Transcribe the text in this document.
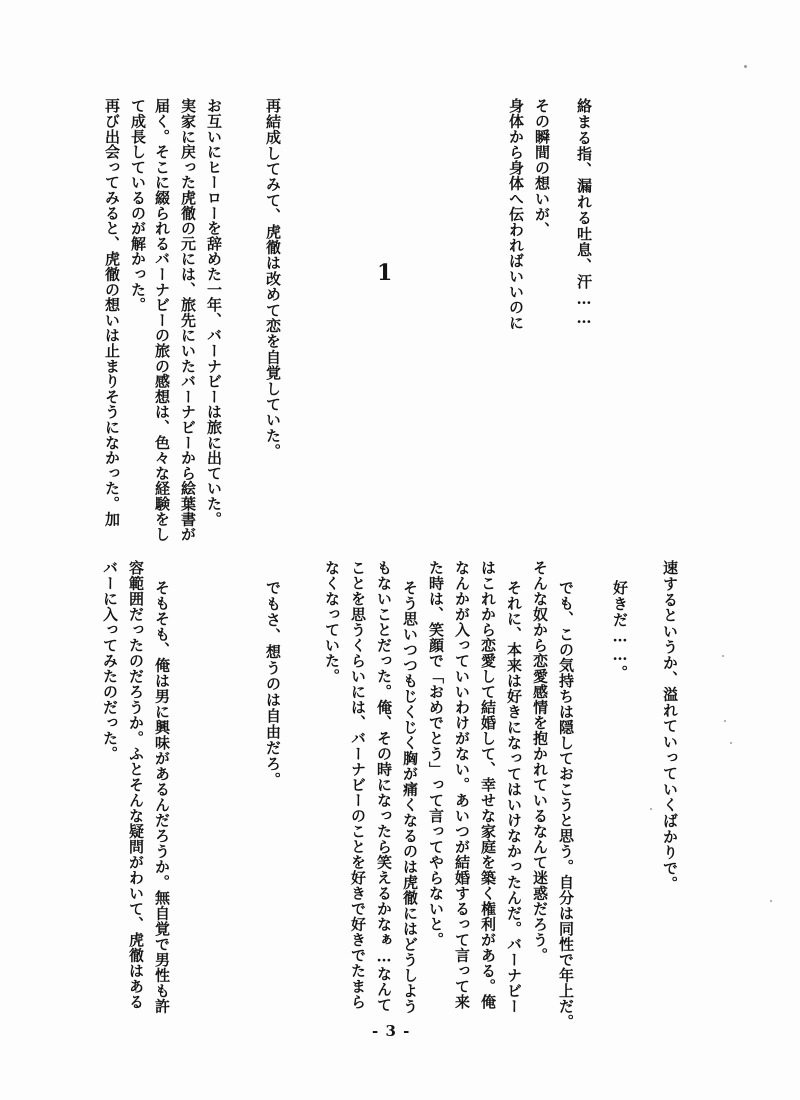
絡まる指、漏れる吐息、汗……
その瞬間の想いが、
身体から身体へ伝わればいいのに
1
再結成してみて、虎徹は改めて恋を自覚していた。
お互いにヒーローを辞めた一年、バーナビーは旅に出ていた。
実家に戻った虎徹の元には、旅先にいたバーナビーから絵葉書が
届く。そこに綴られるバーナビーの旅の感想は、色々な経験をし
て成長しているのが解かった。
再び出会ってみると、虎徹の想いは止まりそうになかった。加
速するというか、溢れていっていくばかりで。
好きだ……。
でも、この気持ちは隠しておこうと思う。自分は同性で年上だ。
そんな奴から恋愛感情を抱かれているなんて迷惑だろう。
それに、本来は好きになってはいけなかったんだ。バーナビー
はこれから恋愛して結婚して、幸せな家庭を築く権利がある。俺
なんかが入っていいわけがない。あいつが結婚するって言って来
た時は、笑顔で「おめでとう」って言ってやらないと。
そう思いつつもじくじく胸が痛くなるのは虎徹にはどうしよう
もないことだった。俺、その時になったら笑えるかなぁ…なんて
ことを思うくらいには、バーナビーのことを好きで好きでたまら
なくなっていた。
でもさ、想うのは自由だろ。
そもそも、俺は男に興味があるんだろうか。無自覚で男性も許
容範囲だったのだろうか。ふとそんな疑問がわいて、虎徹はある
バーに入ってみたのだった。
- 3 -
